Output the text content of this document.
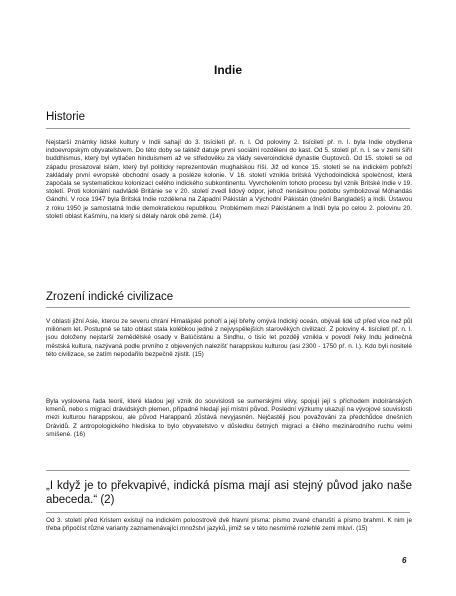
Indie
Historie
Nejstarší známky lidské kultury v Indii sahají do 3. tisíciletí př. n. l. Od poloviny 2. tisíciletí př. n. l. byla Indie obydlena indoevropským obyvatelstvem. Do této doby se taktéž datuje první sociální rozdělení do kast. Od 5. století př. n. l. se v zemi šířil buddhismus, který byl vytlačen hinduismem až ve středověku za vlády severoindické dynastie Guptovců. Od 15. století se od západu prosazoval islám, který byl politicky reprezentován mughalskou říší. Již od konce 15. století se na indickém pobřeží zakládaly první evropské obchodní osady a posléze kolonie. V 16. století vznikla britská Východoindická společnost, která započala se systematickou kolonizací celého indického subkontinentu. Vyvrcholením tohoto procesu byl vznik Britské Indie v 19. století. Proti koloniální nadvládě Británie se v 20. století zvedl lidový odpor, jehož nenásilnou podobu symbolizoval Móhandás Gándhí. V roce 1947 byla Britská Indie rozdělena na Západní Pákistán a Východní Pákistán (dnešní Bangladéš) a Indii. Ústavou z roku 1950 je samostatná Indie demokratickou republikou. Problémem mezi Pákistánem a Indií byla po celou 2. polovinu 20. století oblast Kašmíru, na který si dělaly nárok obě země. (14)
Zrození indické civilizace
V oblasti jižní Asie, kterou ze severu chrání Himalájské pohoří a její břehy omývá Indický oceán, obývali lidé už před více než půl miliónem let. Postupně se tato oblast stala kolébkou jedné z nejvyspělejších starověkých civilizací. Z poloviny 4. tisíciletí př. n. l. jsou doloženy nejstarší zemědělské osady v Balúčistánu a Sindhu, o tisíc let později vznikla v povodí řeky Indu jedinečná městská kultura, nazývaná podle prvního z objevených nalezišť harappskou kulturou (asi 2300 - 1750 př. n. l.). Kdo byli nositelé této civilizace, se zatím nepodařilo bezpečně zjistit. (15)
Byla vyslovena řada teorií, které kladou její vznik do souvislosti se sumerskými vlivy, spojují její s příchodem indoíránských kmenů, nebo s migrací drávidských plemen, případně hledají její místní původ. Poslední výzkumy ukazují na vývojové souvislosti mezi kulturou harappskou, ale původ Harappanů zůstává nevyjasněn. Nejčastěji jsou považováni za předchůdce dnešních Drávidů. Z antropologického hlediska to bylo obyvatelstvo v důsledku četných migrací a čilého mezinárodního ruchu velmi smíšené. (16)
„I když je to překvapivé, indická písma mají asi stejný původ jako naše abeceda.“ (2)
Od 3. století před Kristem existují na indickém poloostrově dvě hlavní písma: písmo zvané charuští a písmo brahmí. K nim je třeba připočíst různé varianty zaznamenávající množství jazyků, jimiž se v této nesmírné rozlehlé zemi mluví. (15)
6
